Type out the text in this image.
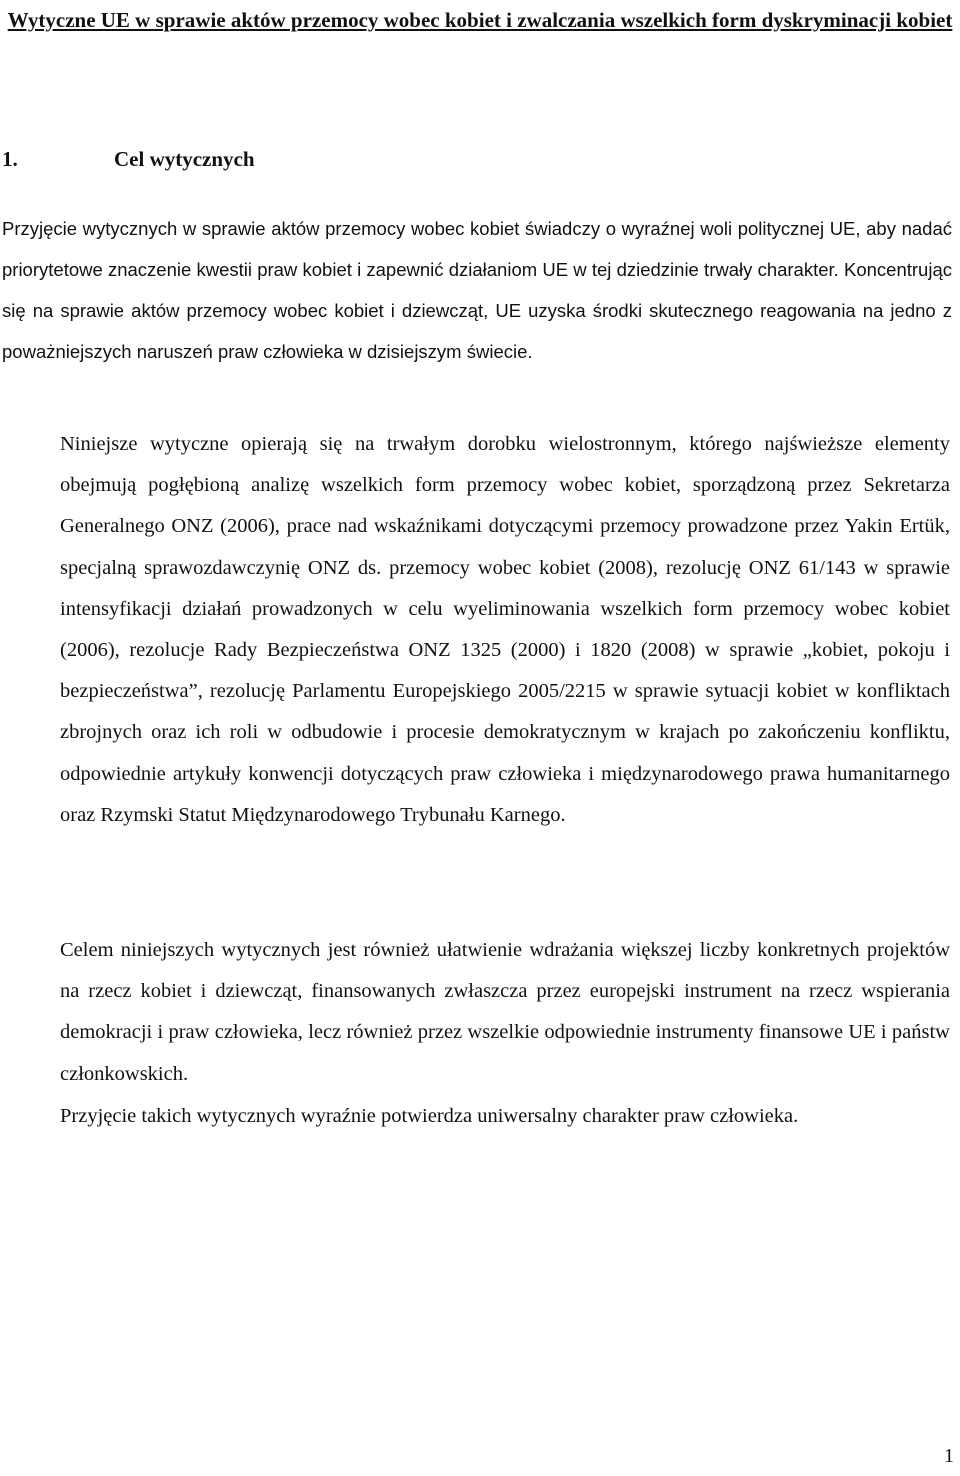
Wytyczne UE w sprawie aktów przemocy wobec kobiet i zwalczania wszelkich form dyskryminacji kobiet
1.	Cel wytycznych

Przyjęcie wytycznych w sprawie aktów przemocy wobec kobiet świadczy o wyraźnej woli politycznej UE, aby nadać priorytetowe znaczenie kwestii praw kobiet i zapewnić działaniom UE w tej dziedzinie trwały charakter. Koncentrując się na sprawie aktów przemocy wobec kobiet i dziewcząt, UE uzyska środki skutecznego reagowania na jedno z poważniejszych naruszeń praw człowieka w dzisiejszym świecie.

Niniejsze wytyczne opierają się na trwałym dorobku wielostronnym, którego najświeższe elementy obejmują pogłębioną analizę wszelkich form przemocy wobec kobiet, sporządzoną przez Sekretarza Generalnego ONZ (2006), prace nad wskaźnikami dotyczącymi przemocy prowadzone przez Yakin Ertük, specjalną sprawozdawczynię ONZ ds. przemocy wobec kobiet (2008), rezolucję ONZ 61/143 w sprawie intensyfikacji działań prowadzonych w celu wyeliminowania wszelkich form przemocy wobec kobiet (2006), rezolucje Rady Bezpieczeństwa ONZ 1325 (2000) i 1820 (2008) w sprawie „kobiet, pokoju i bezpieczeństwa”, rezolucję Parlamentu Europejskiego 2005/2215 w sprawie sytuacji kobiet w konfliktach zbrojnych oraz ich roli w odbudowie i procesie demokratycznym w krajach po zakończeniu konfliktu, odpowiednie artykuły konwencji dotyczących praw człowieka i międzynarodowego prawa humanitarnego oraz Rzymski Statut Międzynarodowego Trybunału Karnego.

Celem niniejszych wytycznych jest również ułatwienie wdrażania większej liczby konkretnych projektów na rzecz kobiet i dziewcząt, finansowanych zwłaszcza przez europejski instrument na rzecz wspierania demokracji i praw człowieka, lecz również przez wszelkie odpowiednie instrumenty finansowe UE i państw członkowskich.

Przyjęcie takich wytycznych wyraźnie potwierdza uniwersalny charakter praw człowieka.

1
